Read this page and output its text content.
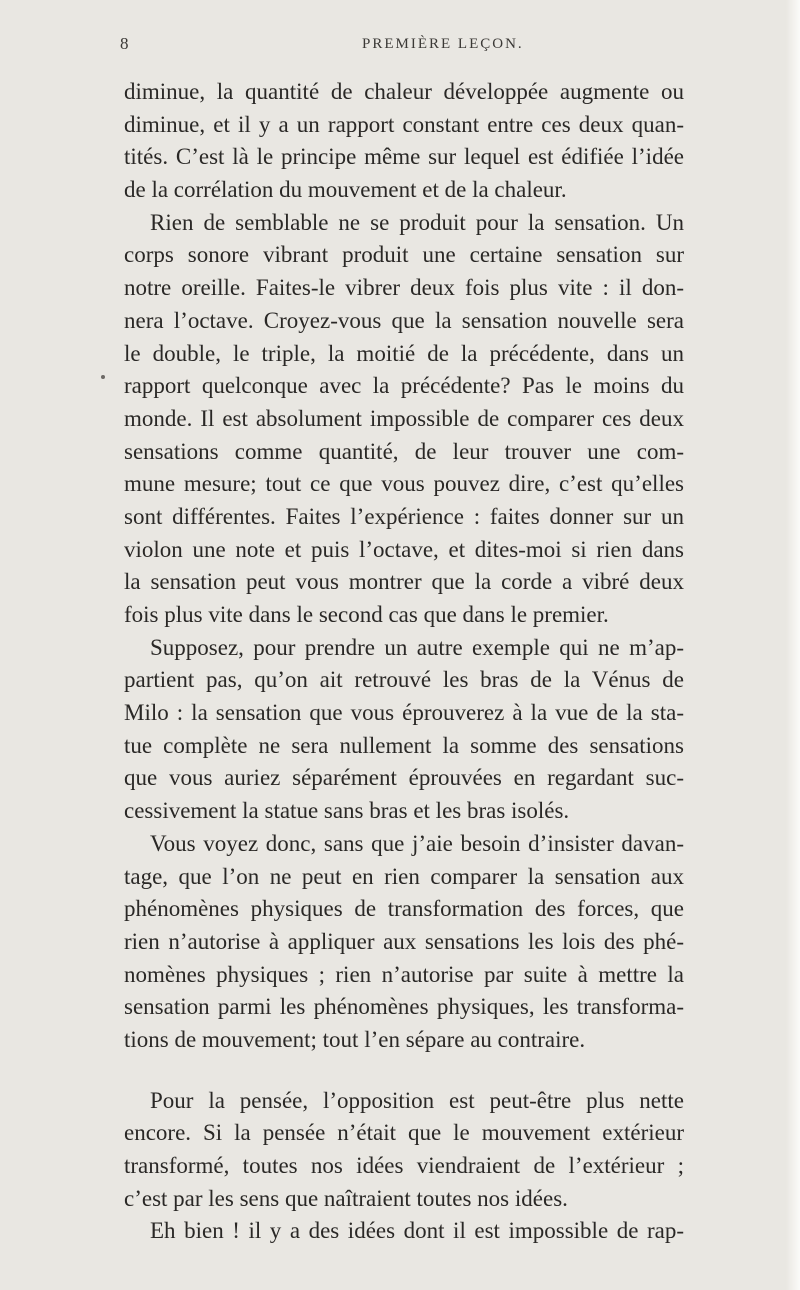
8	PREMIÈRE LEÇON.
diminue, la quantité de chaleur développée augmente ou
diminue, et il y a un rapport constant entre ces deux quan-
tités. C’est là le principe même sur lequel est édifiée l’idée
de la corrélation du mouvement et de la chaleur.
Rien de semblable ne se produit pour la sensation. Un
corps sonore vibrant produit une certaine sensation sur
notre oreille. Faites-le vibrer deux fois plus vite : il don-
nera l’octave. Croyez-vous que la sensation nouvelle sera
le double, le triple, la moitié de la précédente, dans un
rapport quelconque avec la précédente? Pas le moins du
monde. Il est absolument impossible de comparer ces deux
sensations comme quantité, de leur trouver une com-
mune mesure; tout ce que vous pouvez dire, c’est qu’elles
sont différentes. Faites l’expérience : faites donner sur un
violon une note et puis l’octave, et dites-moi si rien dans
la sensation peut vous montrer que la corde a vibré deux
fois plus vite dans le second cas que dans le premier.
Supposez, pour prendre un autre exemple qui ne m’ap-
partient pas, qu’on ait retrouvé les bras de la Vénus de
Milo : la sensation que vous éprouverez à la vue de la sta-
tue complète ne sera nullement la somme des sensations
que vous auriez séparément éprouvées en regardant suc-
cessivement la statue sans bras et les bras isolés.
Vous voyez donc, sans que j’aie besoin d’insister davan-
tage, que l’on ne peut en rien comparer la sensation aux
phénomènes physiques de transformation des forces, que
rien n’autorise à appliquer aux sensations les lois des phé-
nomènes physiques ; rien n’autorise par suite à mettre la
sensation parmi les phénomènes physiques, les transforma-
tions de mouvement; tout l’en sépare au contraire.
Pour la pensée, l’opposition est peut-être plus nette
encore. Si la pensée n’était que le mouvement extérieur
transformé, toutes nos idées viendraient de l’extérieur ;
c’est par les sens que naîtraient toutes nos idées.
Eh bien ! il y a des idées dont il est impossible de rap-
